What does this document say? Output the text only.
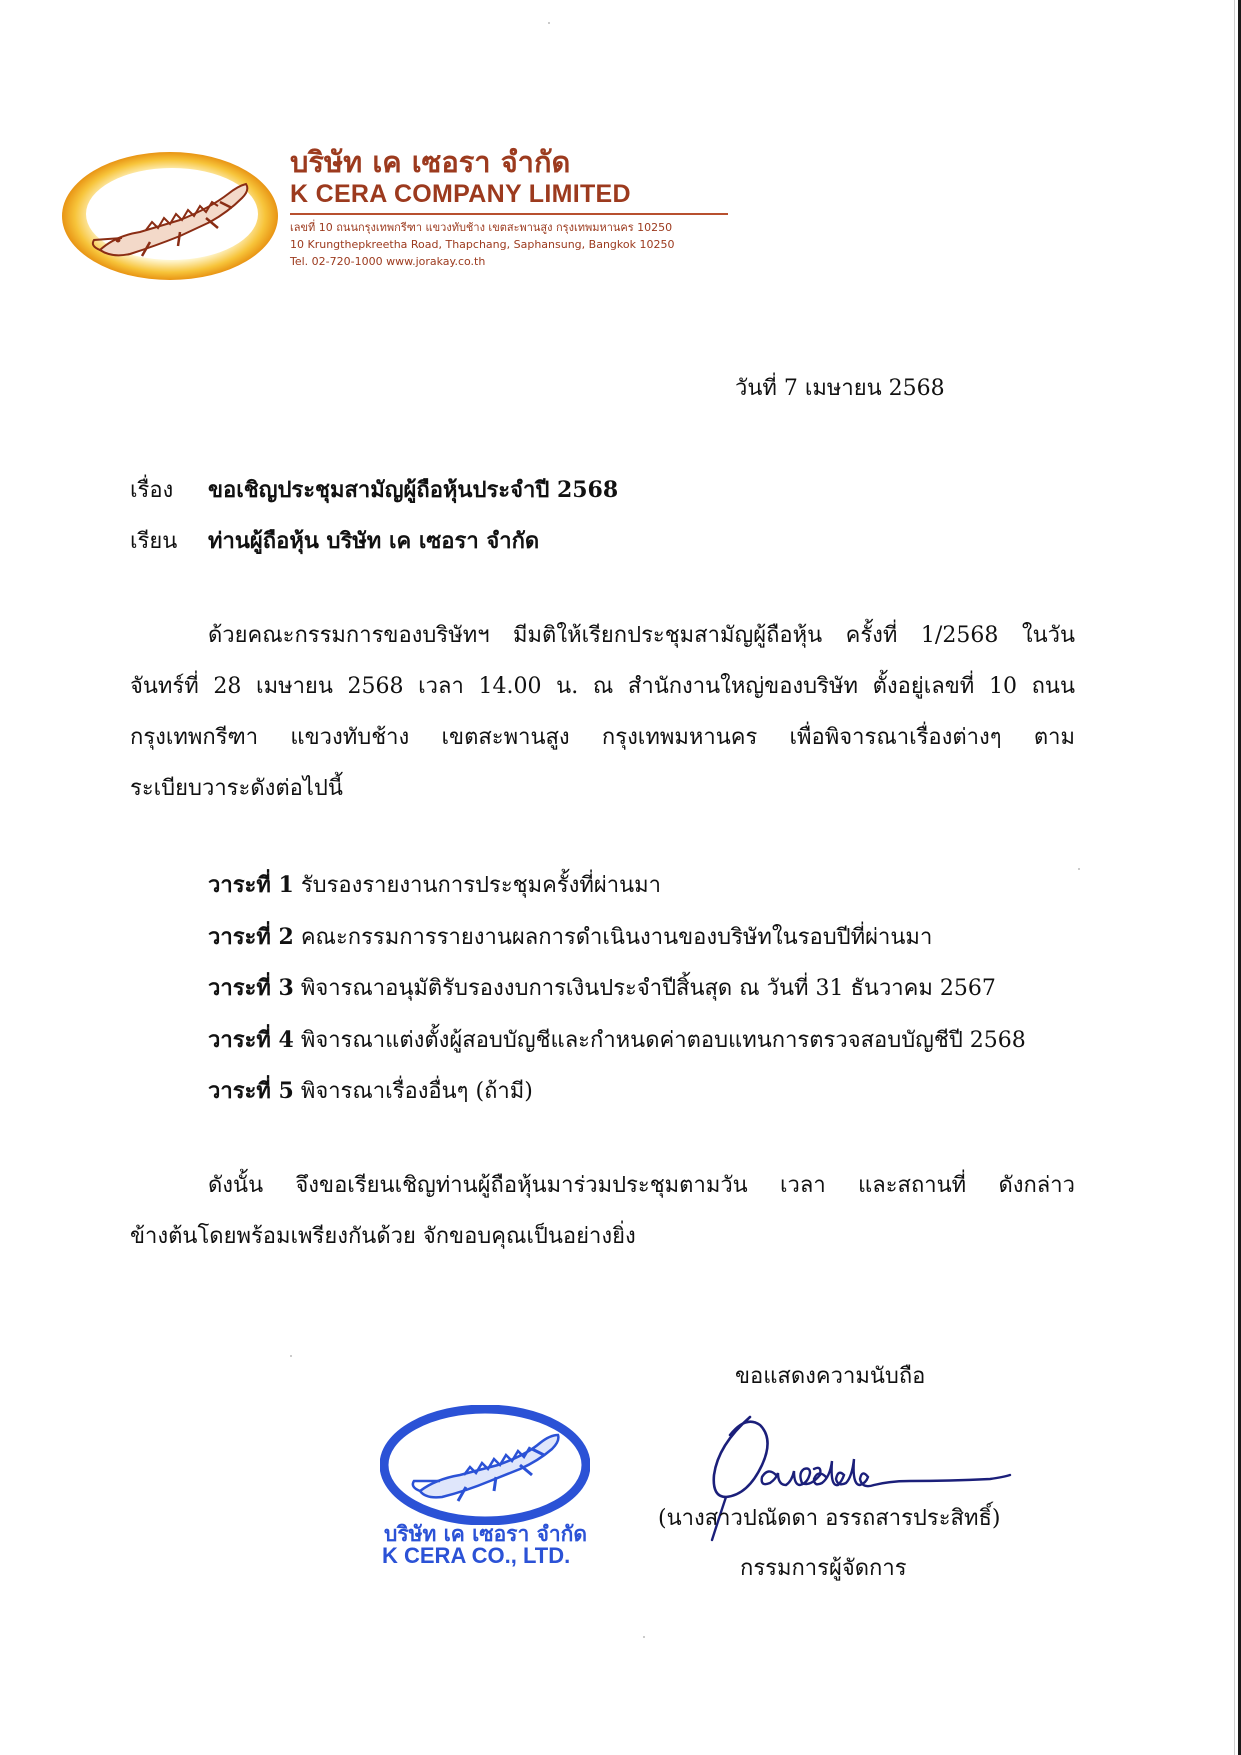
บริษัท เค เซอรา จำกัด
K CERA COMPANY LIMITED
เลขที่ 10 ถนนกรุงเทพกรีฑา แขวงทับช้าง เขตสะพานสูง กรุงเทพมหานคร 10250
10 Krungthepkreetha Road, Thapchang, Saphansung, Bangkok 10250
Tel. 02-720-1000 www.jorakay.co.th
วันที่ 7 เมษายน 2568
เรื่อง ขอเชิญประชุมสามัญผู้ถือหุ้นประจำปี 2568
เรียน ท่านผู้ถือหุ้น บริษัท เค เซอรา จำกัด
ด้วยคณะกรรมการของบริษัทฯ มีมติให้เรียกประชุมสามัญผู้ถือหุ้น ครั้งที่ 1/2568 ในวัน
จันทร์ที่ 28 เมษายน 2568 เวลา 14.00 น. ณ สำนักงานใหญ่ของบริษัท ตั้งอยู่เลขที่ 10 ถนน
กรุงเทพกรีฑา แขวงทับช้าง เขตสะพานสูง กรุงเทพมหานคร เพื่อพิจารณาเรื่องต่างๆ ตาม
ระเบียบวาระดังต่อไปนี้
วาระที่ 1 รับรองรายงานการประชุมครั้งที่ผ่านมา
วาระที่ 2 คณะกรรมการรายงานผลการดำเนินงานของบริษัทในรอบปีที่ผ่านมา
วาระที่ 3 พิจารณาอนุมัติรับรองงบการเงินประจำปีสิ้นสุด ณ วันที่ 31 ธันวาคม 2567
วาระที่ 4 พิจารณาแต่งตั้งผู้สอบบัญชีและกำหนดค่าตอบแทนการตรวจสอบบัญชีปี 2568
วาระที่ 5 พิจารณาเรื่องอื่นๆ (ถ้ามี)
ดังนั้น จึงขอเรียนเชิญท่านผู้ถือหุ้นมาร่วมประชุมตามวัน เวลา และสถานที่ ดังกล่าว
ข้างต้นโดยพร้อมเพรียงกันด้วย จักขอบคุณเป็นอย่างยิ่ง
ขอแสดงความนับถือ
บริษัท เค เซอรา จำกัด
K CERA CO., LTD.
(นางสาวปณัดดา อรรถสารประสิทธิ์)
กรรมการผู้จัดการ
